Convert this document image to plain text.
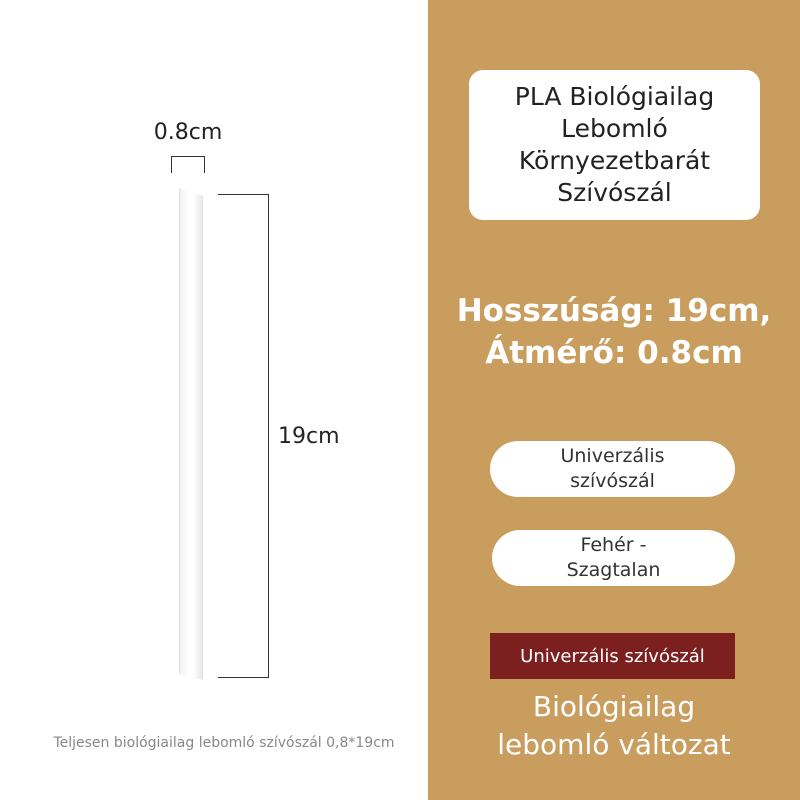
0.8cm
19cm
Teljesen biológiailag lebomló szívószál 0,8*19cm
PLA Biológiailag
Lebomló
Környezetbarát
Szívószál
Hosszúság: 19cm,
Átmérő: 0.8cm
Univerzális
szívószál
Fehér -
Szagtalan
Univerzális szívószál
Biológiailag
lebomló változat
